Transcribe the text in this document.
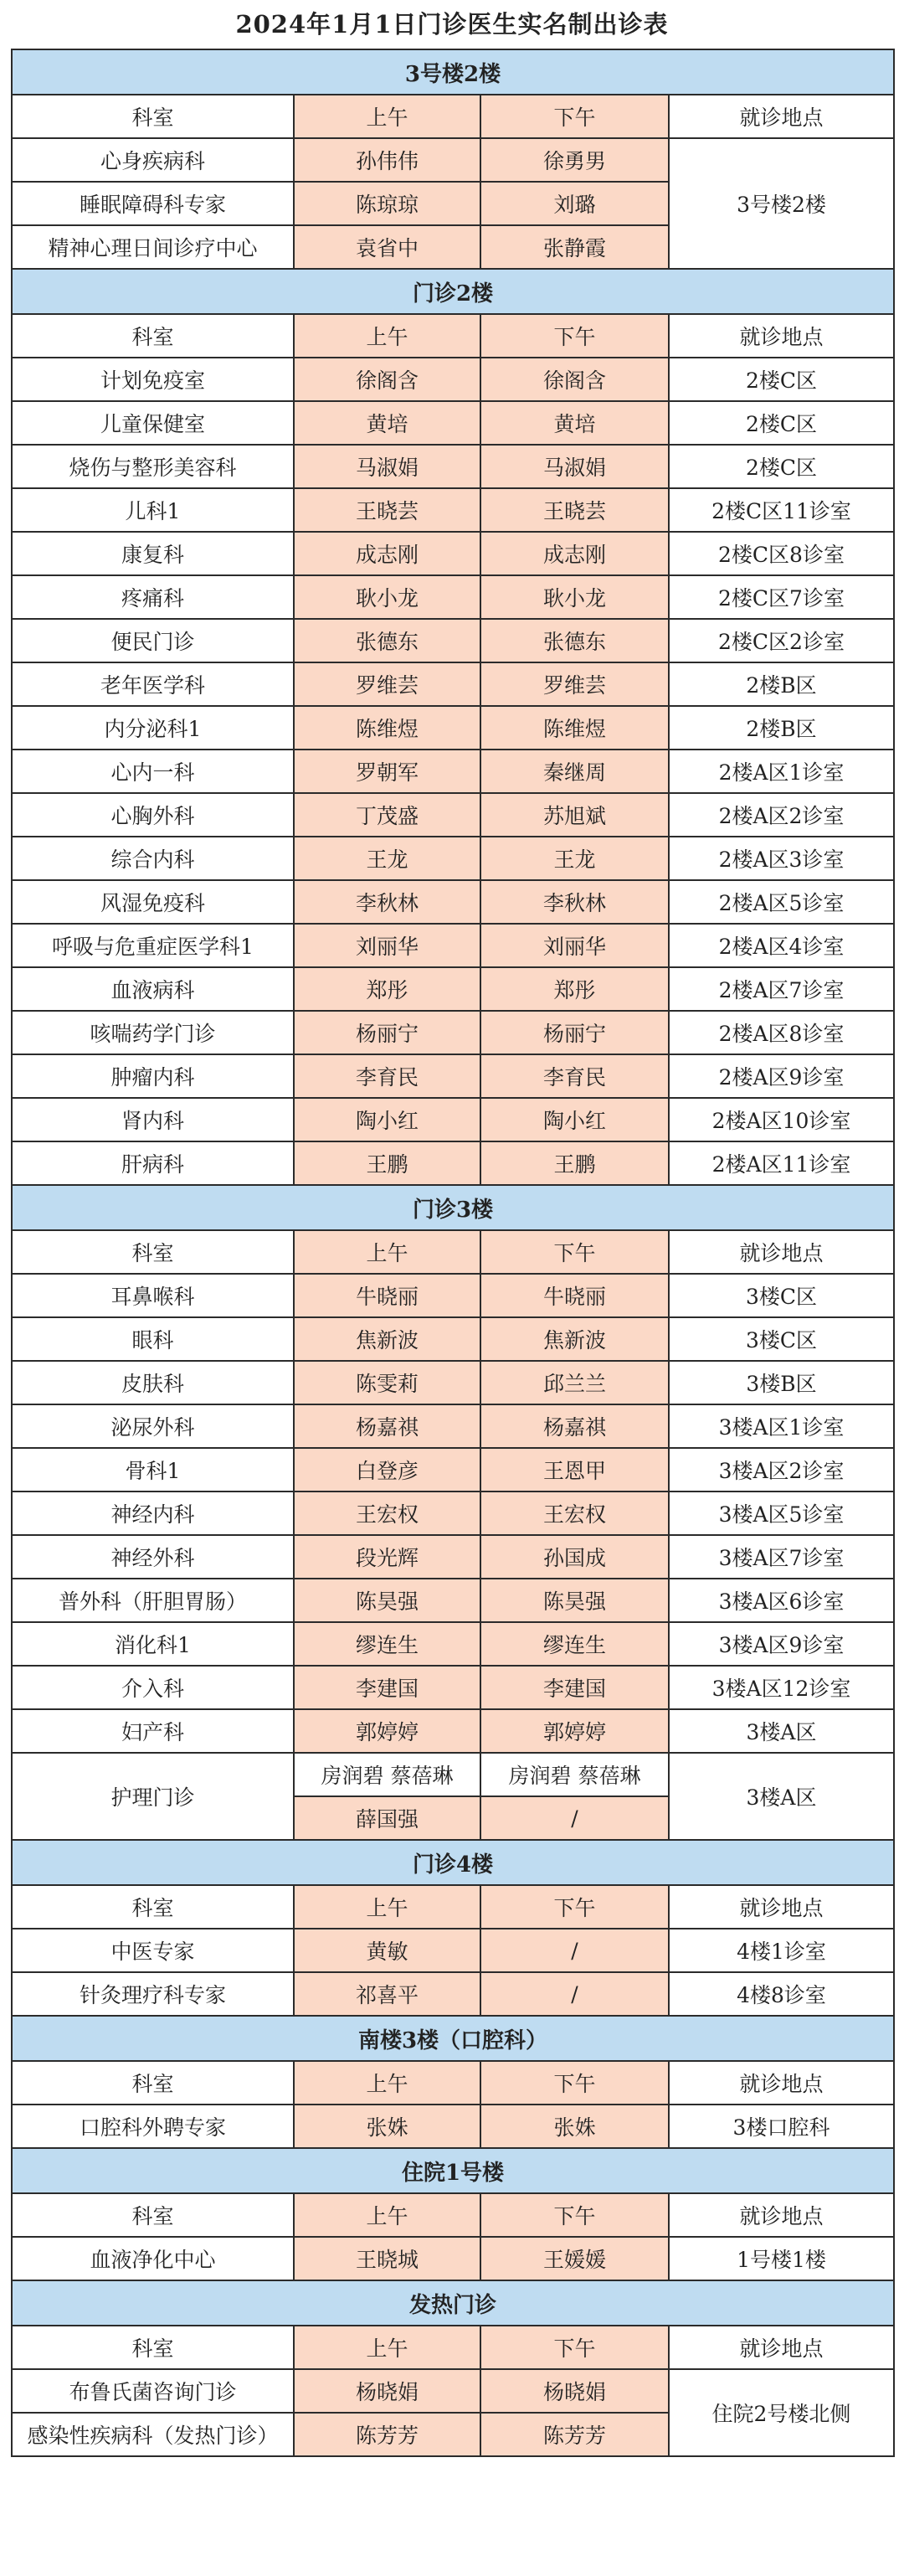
2024年1月1日门诊医生实名制出诊表
3号楼2楼			
科室	上午	下午	就诊地点
心身疾病科	孙伟伟	徐勇男	3号楼2楼
睡眠障碍科专家	陈琼琼	刘璐	
精神心理日间诊疗中心	袁省中	张静霞	
门诊2楼			
科室	上午	下午	就诊地点
计划免疫室	徐阁含	徐阁含	2楼C区
儿童保健室	黄培	黄培	2楼C区
烧伤与整形美容科	马淑娟	马淑娟	2楼C区
儿科1	王晓芸	王晓芸	2楼C区11诊室
康复科	成志刚	成志刚	2楼C区8诊室
疼痛科	耿小龙	耿小龙	2楼C区7诊室
便民门诊	张德东	张德东	2楼C区2诊室
老年医学科	罗维芸	罗维芸	2楼B区
内分泌科1	陈维煜	陈维煜	2楼B区
心内一科	罗朝军	秦继周	2楼A区1诊室
心胸外科	丁茂盛	苏旭斌	2楼A区2诊室
综合内科	王龙	王龙	2楼A区3诊室
风湿免疫科	李秋林	李秋林	2楼A区5诊室
呼吸与危重症医学科1	刘丽华	刘丽华	2楼A区4诊室
血液病科	郑彤	郑彤	2楼A区7诊室
咳喘药学门诊	杨丽宁	杨丽宁	2楼A区8诊室
肿瘤内科	李育民	李育民	2楼A区9诊室
肾内科	陶小红	陶小红	2楼A区10诊室
肝病科	王鹏	王鹏	2楼A区11诊室
门诊3楼			
科室	上午	下午	就诊地点
耳鼻喉科	牛晓丽	牛晓丽	3楼C区
眼科	焦新波	焦新波	3楼C区
皮肤科	陈雯莉	邱兰兰	3楼B区
泌尿外科	杨嘉祺	杨嘉祺	3楼A区1诊室
骨科1	白登彦	王恩甲	3楼A区2诊室
神经内科	王宏权	王宏权	3楼A区5诊室
神经外科	段光辉	孙国成	3楼A区7诊室
普外科（肝胆胃肠）	陈昊强	陈昊强	3楼A区6诊室
消化科1	缪连生	缪连生	3楼A区9诊室
介入科	李建国	李建国	3楼A区12诊室
妇产科	郭婷婷	郭婷婷	3楼A区
护理门诊	房润碧 蔡蓓琳	房润碧 蔡蓓琳	3楼A区
	薛国强	/	
门诊4楼			
科室	上午	下午	就诊地点
中医专家	黄敏	/	4楼1诊室
针灸理疗科专家	祁喜平	/	4楼8诊室
南楼3楼（口腔科）			
科室	上午	下午	就诊地点
口腔科外聘专家	张姝	张姝	3楼口腔科
住院1号楼			
科室	上午	下午	就诊地点
血液净化中心	王晓城	王媛媛	1号楼1楼
发热门诊			
科室	上午	下午	就诊地点
布鲁氏菌咨询门诊	杨晓娟	杨晓娟	住院2号楼北侧
感染性疾病科（发热门诊）	陈芳芳	陈芳芳	
